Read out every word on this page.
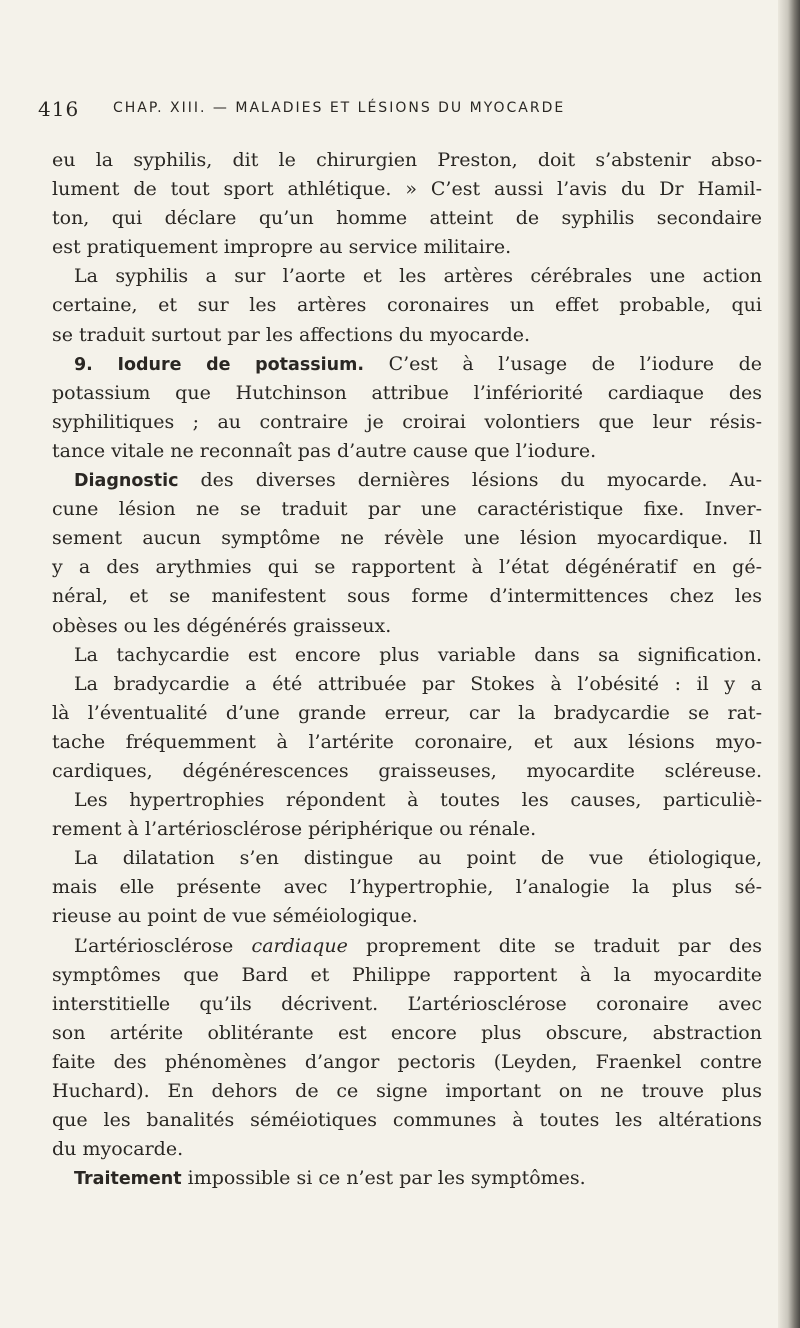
416 CHAP. XIII. — MALADIES ET LÉSIONS DU MYOCARDE
eu la syphilis, dit le chirurgien Preston, doit s’abstenir abso-
lument de tout sport athlétique. » C’est aussi l’avis du Dr Hamil-
ton, qui déclare qu’un homme atteint de syphilis secondaire
est pratiquement impropre au service militaire.
La syphilis a sur l’aorte et les artères cérébrales une action
certaine, et sur les artères coronaires un effet probable, qui
se traduit surtout par les affections du myocarde.
9. Iodure de potassium. C’est à l’usage de l’iodure de
potassium que Hutchinson attribue l’infériorité cardiaque des
syphilitiques ; au contraire je croirai volontiers que leur résis-
tance vitale ne reconnaît pas d’autre cause que l’iodure.
Diagnostic des diverses dernières lésions du myocarde. Au-
cune lésion ne se traduit par une caractéristique fixe. Inver-
sement aucun symptôme ne révèle une lésion myocardique. Il
y a des arythmies qui se rapportent à l’état dégénératif en gé-
néral, et se manifestent sous forme d’intermittences chez les
obèses ou les dégénérés graisseux.
La tachycardie est encore plus variable dans sa signification.
La bradycardie a été attribuée par Stokes à l’obésité : il y a
là l’éventualité d’une grande erreur, car la bradycardie se rat-
tache fréquemment à l’artérite coronaire, et aux lésions myo-
cardiques, dégénérescences graisseuses, myocardite scléreuse.
Les hypertrophies répondent à toutes les causes, particuliè-
rement à l’artériosclérose périphérique ou rénale.
La dilatation s’en distingue au point de vue étiologique,
mais elle présente avec l’hypertrophie, l’analogie la plus sé-
rieuse au point de vue séméiologique.
L’artériosclérose cardiaque proprement dite se traduit par des
symptômes que Bard et Philippe rapportent à la myocardite
interstitielle qu’ils décrivent. L’artériosclérose coronaire avec
son artérite oblitérante est encore plus obscure, abstraction
faite des phénomènes d’angor pectoris (Leyden, Fraenkel contre
Huchard). En dehors de ce signe important on ne trouve plus
que les banalités séméiotiques communes à toutes les altérations
du myocarde.
Traitement impossible si ce n’est par les symptômes.
